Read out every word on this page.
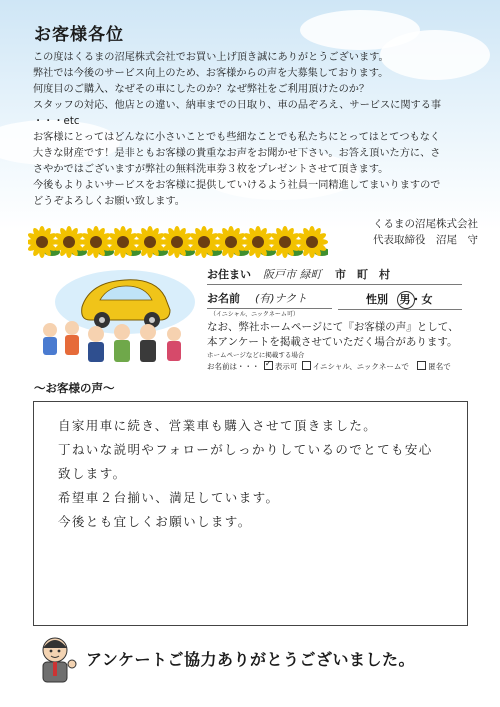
お客様各位

この度はくるまの沼尾株式会社でお買い上げ頂き誠にありがとうございます。

弊社では今後のサービス向上のため、お客様からの声を大募集しております。

何度目のご購入、なぜその車にしたのか？なぜ弊社をご利用頂けたのか？

スタッフの対応、他店との違い、納車までの日取り、車の品ぞろえ、サービスに関する事

・・・etc

お客様にとってはどんなに小さいことでも些細なことでも私たちにとってはとてつもなく

大きな財産です！是非ともお客様の貴重なお声をお聞かせ下さい。お答え頂いた方に、さ

さやかではございますが弊社の無料洗車券３枚をプレゼントさせて頂きます。

今後もよりよいサービスをお客様に提供していけるよう社員一同精進してまいりますので

どうぞよろしくお願い致します。

くるまの沼尾株式会社
代表取締役　沼尾　守
お住まい 阪戸市 緑町 市　町　村
お名前 (有)ナクト
（イニシャル、ニックネーム可）
性別 男・女
なお、弊社ホームページにて『お客様の声』として、
本アンケートを掲載させていただく場合があります。
ホームページなどに掲載する場合
お名前は・・・ ✓ 表示可 イニシャル、ニックネームで	匿名で
～お客様の声～
自家用車に続き、営業車も購入させて頂きました。
丁ねいな説明やフォローがしっかりしているのでとても安心
致します。
希望車２台揃い、満足しています。
今後とも宜しくお願いします。
アンケートご協力ありがとうございました。
